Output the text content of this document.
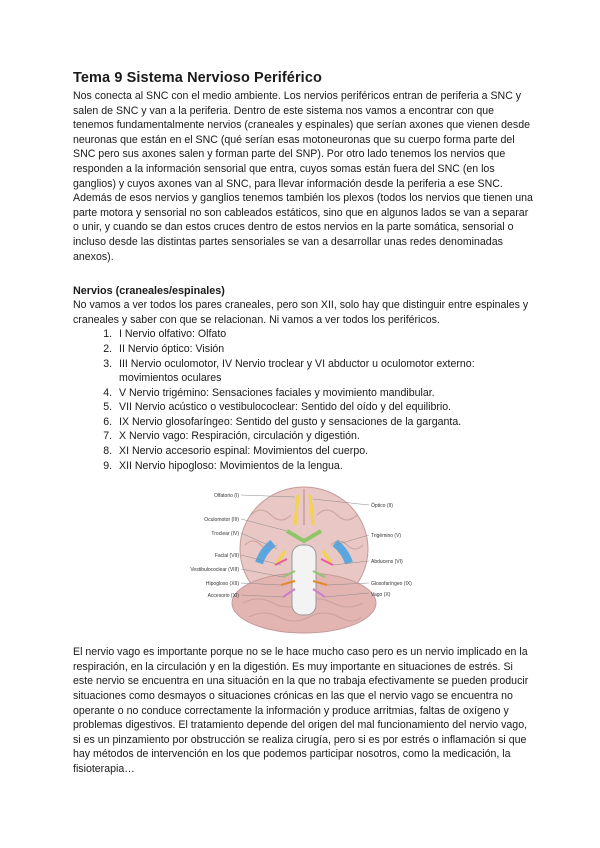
Tema 9 Sistema Nervioso Periférico

Nos conecta al SNC con el medio ambiente. Los nervios periféricos entran de periferia a SNC y salen de SNC y van a la periferia. Dentro de este sistema nos vamos a encontrar con que tenemos fundamentalmente nervios (craneales y espinales) que serían axones que vienen desde neuronas que están en el SNC (qué serían esas motoneuronas que su cuerpo forma parte del SNC pero sus axones salen y forman parte del SNP). Por otro lado tenemos los nervios que responden a la información sensorial que entra, cuyos somas están fuera del SNC (en los ganglios) y cuyos axones van al SNC, para llevar información desde la periferia a ese SNC. Además de esos nervios y ganglios tenemos también los plexos (todos los nervios que tienen una parte motora y sensorial no son cableados estáticos, sino que en algunos lados se van a separar o unir, y cuando se dan estos cruces dentro de estos nervios en la parte somática, sensorial o incluso desde las distintas partes sensoriales se van a desarrollar unas redes denominadas anexos).

Nervios (craneales/espinales)

No vamos a ver todos los pares craneales, pero son XII, solo hay que distinguir entre espinales y craneales y saber con que se relacionan. Ni vamos a ver todos los periféricos.

1. I Nervio olfativo: Olfato
2. II Nervio óptico: Visión
3. III Nervio oculomotor, IV Nervio troclear y VI abductor u oculomotor externo: movimientos oculares
4. V Nervio trigémino: Sensaciones faciales y movimiento mandibular.
5. VII Nervio acústico o vestibulococlear: Sentido del oído y del equilibrio.
6. IX Nervio glosofaríngeo: Sentido del gusto y sensaciones de la garganta.
7. X Nervio vago: Respiración, circulación y digestión.
8. XI Nervio accesorio espinal: Movimientos del cuerpo.
9. XII Nervio hipogloso: Movimientos de la lengua.
Olfatorio (I)
Oculomotor (III)
Troclear (IV)
Facial (VII)
Vestibulococlear (VIII)
Hipogloso (XII)
Accesorio (XI)
Óptico (II)
Trigémino (V)
Abducens (VI)
Glosofaríngeo (IX)
Vago (X)

El nervio vago es importante porque no se le hace mucho caso pero es un nervio implicado en la respiración, en la circulación y en la digestión. Es muy importante en situaciones de estrés. Si este nervio se encuentra en una situación en la que no trabaja efectivamente se pueden producir situaciones como desmayos o situaciones crónicas en las que el nervio vago se encuentra no operante o no conduce correctamente la información y produce arritmias, faltas de oxígeno y problemas digestivos. El tratamiento depende del origen del mal funcionamiento del nervio vago, si es un pinzamiento por obstrucción se realiza cirugía, pero si es por estrés o inflamación si que hay métodos de intervención en los que podemos participar nosotros, como la medicación, la fisioterapia…
